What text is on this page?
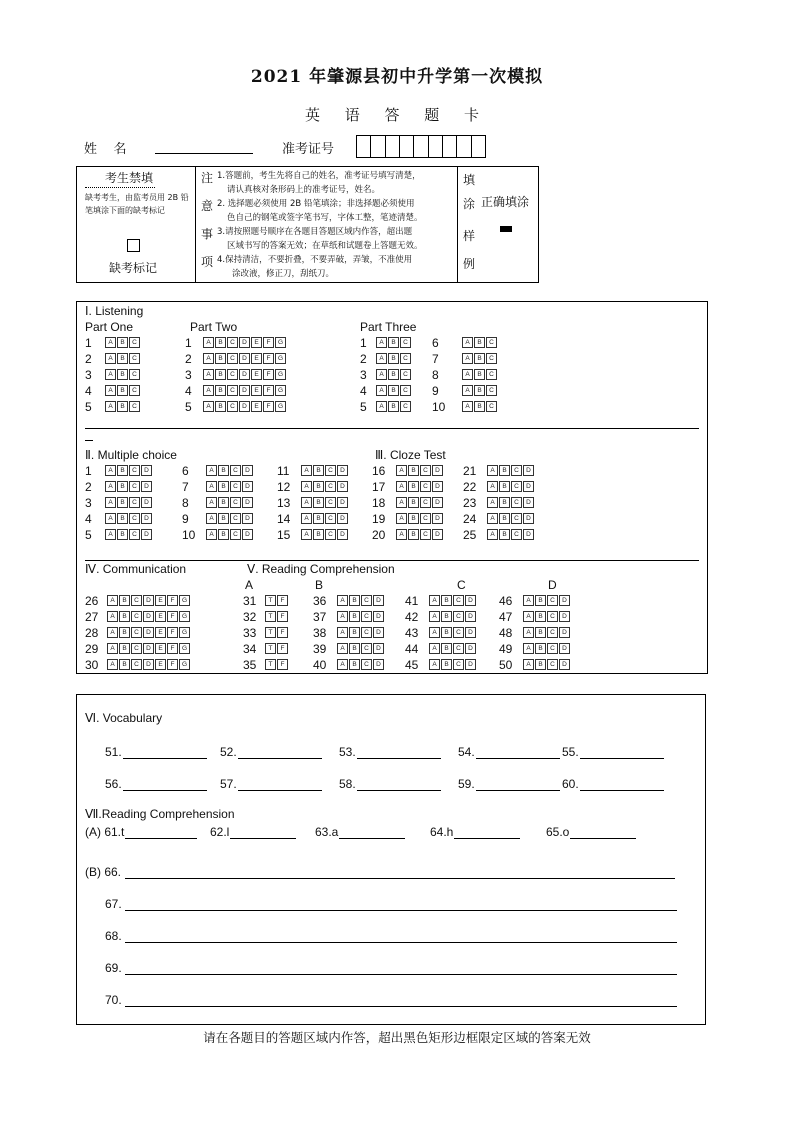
2021 年肇源县初中升学第一次模拟
英 语 答 题 卡
姓    名	准考证号
考生禁填
缺考考生，由监考员用 2B 铅笔填涂下面的缺考标记
缺考标记
注
意
事
项
1.答题前，考生先将自己的姓名，准考证号填写清楚，
请认真核对条形码上的准考证号，姓名。
2. 选择题必须使用 2B 铅笔填涂；非选择题必须使用
色自己的钢笔或签字笔书写，字体工整，笔迹清楚。
3.请按照题号顺序在各题目答题区域内作答，超出题
区域书写的答案无效；在草纸和试题卷上答题无效。
4.保持清洁，不要折叠，不要弄破，弄皱，不准使用
涂改液，修正刀，刮纸刀。
填
涂
样
例
正确填涂
Ⅰ. Listening
Part One	Part Two	Part Three
1	A	B	C
2	A	B	C
3	A	B	C
4	A	B	C
5	A	B	C
1	A	B	C	D	E	F	G
2	A	B	C	D	E	F	G
3	A	B	C	D	E	F	G
4	A	B	C	D	E	F	G
5	A	B	C	D	E	F	G
1	A	B	C
2	A	B	C
3	A	B	C
4	A	B	C
5	A	B	C
6	A	B	C
7	A	B	C
8	A	B	C
9	A	B	C
10	A	B	C
Ⅱ. Multiple choice	Ⅲ. Cloze Test
1	A	B	C	D
2	A	B	C	D
3	A	B	C	D
4	A	B	C	D
5	A	B	C	D
6	A	B	C	D
7	A	B	C	D
8	A	B	C	D
9	A	B	C	D
10	A	B	C	D
11	A	B	C	D
12	A	B	C	D
13	A	B	C	D
14	A	B	C	D
15	A	B	C	D
16	A	B	C	D
17	A	B	C	D
18	A	B	C	D
19	A	B	C	D
20	A	B	C	D
21	A	B	C	D
22	A	B	C	D
23	A	B	C	D
24	A	B	C	D
25	A	B	C	D
Ⅳ. Communication	Ⅴ. Reading Comprehension
A	B	C	D
26	A	B	C	D	E	F	G
27	A	B	C	D	E	F	G
28	A	B	C	D	E	F	G
29	A	B	C	D	E	F	G
30	A	B	C	D	E	F	G
31	T	F
32	T	F
33	T	F
34	T	F
35	T	F
36	A	B	C	D
37	A	B	C	D
38	A	B	C	D
39	A	B	C	D
40	A	B	C	D
41	A	B	C	D
42	A	B	C	D
43	A	B	C	D
44	A	B	C	D
45	A	B	C	D
46	A	B	C	D
47	A	B	C	D
48	A	B	C	D
49	A	B	C	D
50	A	B	C	D
Ⅵ. Vocabulary
51.	52.	53.	54.	55.
56.	57.	58.	59.	60.
Ⅶ.Reading Comprehension
(A) 61.t	62.l	63.a	64.h	65.o
(B) 66.
67.
68.
69.
70.
请在各题目的答题区域内作答，超出黑色矩形边框限定区域的答案无效
